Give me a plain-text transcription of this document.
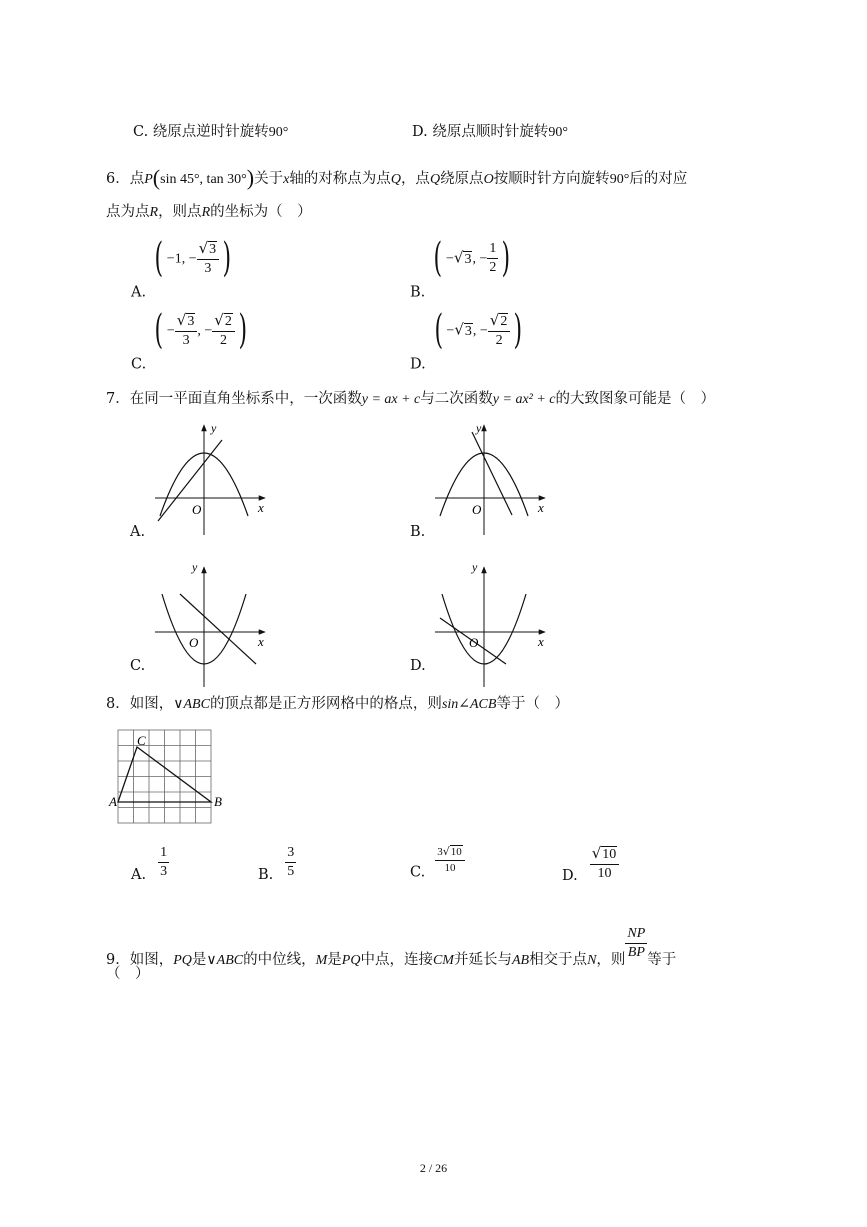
C. 绕原点逆时针旋转90°	D. 绕原点顺时针旋转90°
6．点P(sin 45°, tan 30°)关于x轴的对称点为点Q，点Q绕原点O按顺时针方向旋转90°后的对应
点为点R，则点R的坐标为（　）
A. ( −1, − $\frac{√3}{3}$ )
B. ( −√3, − $\frac{1}{2}$ )
C. ( − $\frac{√3}{3}$ , − $\frac{√2}{2}$ )
D. ( −√3, − $\frac{√2}{2}$ )
7．在同一平面直角坐标系中，一次函数y = ax + c与二次函数y = ax² + c的大致图象可能是（　）
y
x
O
y
x
O
y
x
O
y
x
O
A.	B.
C.	D.
8．如图，∨ABC的顶点都是正方形网格中的格点，则sin∠ACB等于（　）
C
A	B
A. $\frac{1}{3}$	B. $\frac{3}{5}$	C. $\frac{3√10}{10}$
D. $\frac{√10}{10}$
9．如图，PQ是∨ABC的中位线，M是PQ中点，连接CM并延长与AB相交于点N，则 $\frac{NP}{BP}$ 等于
（　）
2 / 26
